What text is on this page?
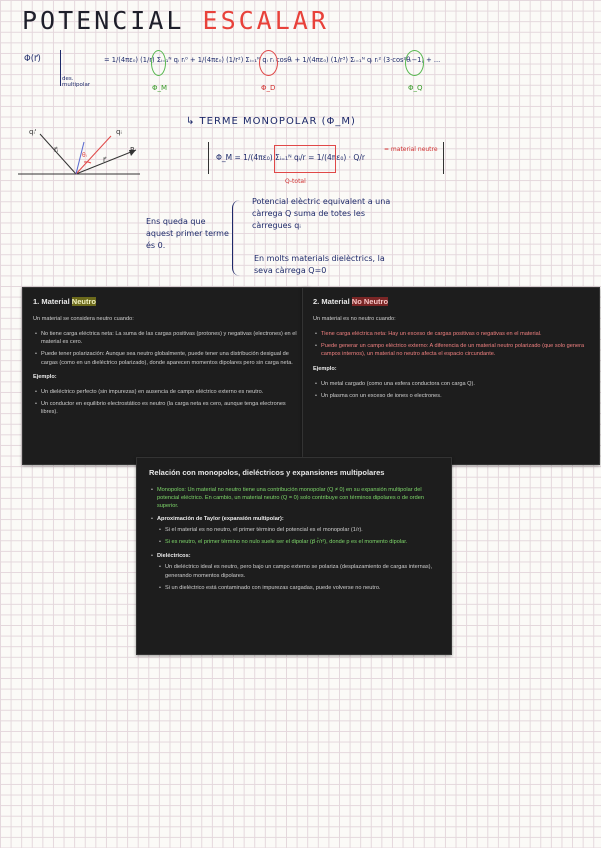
POTENCIAL ESCALAR
Φ(r⃗)
des. multipolar
= 1/(4πε₀) (1/r) Σᵢ₌₁ᴺ qᵢ rᵢ⁰ + 1/(4πε₀) (1/r²) Σᵢ₌₁ᴺ qᵢ rᵢ cosθᵢ + 1/(4πε₀) (1/r³) Σᵢ₌₁ᴺ qᵢ rᵢ² (3·cos²θᵢ−1) + ...
Φ_M	Φ_D	Φ_Q
qᵢ'
r⃗ᵢ
r⃗
θᵢ
P
qᵢ
↳ TERME MONOPOLAR (Φ_M)
Φ_M = 1/(4πε₀) Σᵢ₌₁ᴺ qᵢ/r = 1/(4πε₀) · Q/r
Q-total
= material neutre
Ens queda que aquest primer terme és 0.
Potencial elèctric equivalent a una càrrega Q suma de totes les càrregues qᵢ
En molts materials dielèctrics, la seva càrrega Q=0
1. Material Neutro

Un material se considera neutro cuando:

• No tiene carga eléctrica neta: La suma de las cargas positivas (protones) y negativas (electrones) en el material es cero.
• Puede tener polarización: Aunque sea neutro globalmente, puede tener una distribución desigual de cargas (como en un dieléctrico polarizado), donde aparecen momentos dipolares pero sin carga neta.

Ejemplo:

• Un dieléctrico perfecto (sin impurezas) en ausencia de campo eléctrico externo es neutro.
• Un conductor en equilibrio electrostático es neutro (la carga neta es cero, aunque tenga electrones libres).
2. Material No Neutro

Un material es no neutro cuando:

• Tiene carga eléctrica neta: Hay un exceso de cargas positivas o negativas en el material.
• Puede generar un campo eléctrico externo: A diferencia de un material neutro polarizado (que solo genera campos internos), un material no neutro afecta el espacio circundante.

Ejemplo:

• Un metal cargado (como una esfera conductora con carga Q).
• Un plasma con un exceso de iones o electrones.
Relación con monopolos, dieléctricos y expansiones multipolares
• Monopolos: Un material no neutro tiene una contribución monopolar (Q ≠ 0) en su expansión multipolar del potencial eléctrico. En cambio, un material neutro (Q = 0) solo contribuye con términos dipolares o de orden superior.
• Aproximación de Taylor (expansión multipolar):
• Si el material es no neutro, el primer término del potencial es el monopolar (1/r).
• Si es neutro, el primer término no nulo suele ser el dipolar (p⃗·r̂/r²), donde p es el momento dipolar.
• Dieléctricos:
• Un dieléctrico ideal es neutro, pero bajo un campo externo se polariza (desplazamiento de cargas internas), generando momentos dipolares.
• Si un dieléctrico está contaminado con impurezas cargadas, puede volverse no neutro.
